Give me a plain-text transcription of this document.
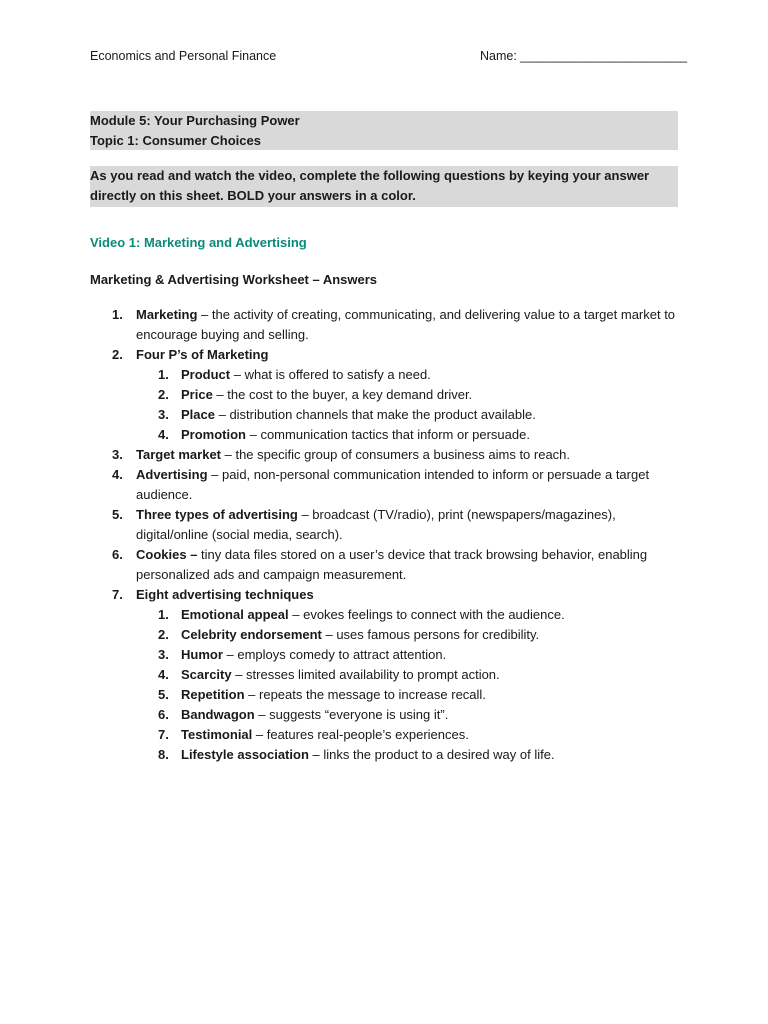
Economics and Personal Finance	Name: ________________________
Module 5: Your Purchasing Power
Topic 1: Consumer Choices
As you read and watch the video, complete the following questions by keying your answer
directly on this sheet. BOLD your answers in a color.
Video 1: Marketing and Advertising
Marketing & Advertising Worksheet – Answers
1.	Marketing – the activity of creating, communicating, and delivering value to a target market to encourage buying and selling.
2.	Four P’s of Marketing
1. Product – what is offered to satisfy a need.
2. Price – the cost to the buyer, a key demand driver.
3. Place – distribution channels that make the product available.
4. Promotion – communication tactics that inform or persuade.
3.	Target market – the specific group of consumers a business aims to reach.
4.	Advertising – paid, non-personal communication intended to inform or persuade a target audience.
5.	Three types of advertising – broadcast (TV/radio), print (newspapers/magazines), digital/online (social media, search).
6.	Cookies – tiny data files stored on a user’s device that track browsing behavior, enabling personalized ads and campaign measurement.
7.	Eight advertising techniques
1. Emotional appeal – evokes feelings to connect with the audience.
2. Celebrity endorsement – uses famous persons for credibility.
3. Humor – employs comedy to attract attention.
4. Scarcity – stresses limited availability to prompt action.
5. Repetition – repeats the message to increase recall.
6. Bandwagon – suggests “everyone is using it”.
7. Testimonial – features real-people’s experiences.
8. Lifestyle association – links the product to a desired way of life.
